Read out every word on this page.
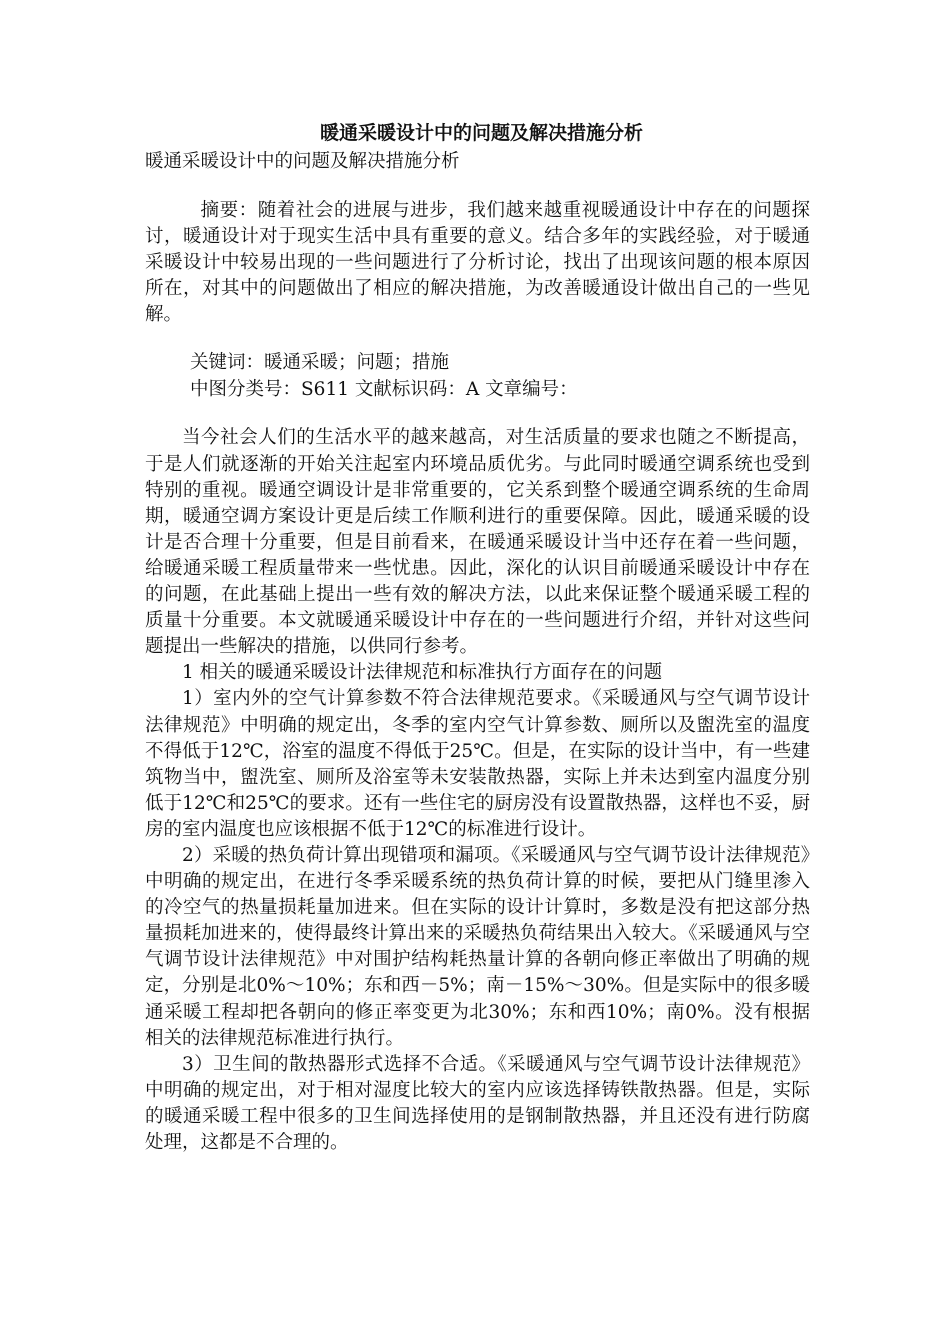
暖通采暖设计中的问题及解决措施分析

暖通采暖设计中的问题及解决措施分析

摘要：随着社会的进展与进步，我们越来越重视暖通设计中存在的问题探讨，暖通设计对于现实生活中具有重要的意义。结合多年的实践经验，对于暖通采暖设计中较易出现的一些问题进行了分析讨论，找出了出现该问题的根本原因所在，对其中的问题做出了相应的解决措施，为改善暖通设计做出自己的一些见解。

关键词：暖通采暖；问题；措施

中图分类号：S611 文献标识码：A 文章编号：

当今社会人们的生活水平的越来越高，对生活质量的要求也随之不断提高，于是人们就逐渐的开始关注起室内环境品质优劣。与此同时暖通空调系统也受到特别的重视。暖通空调设计是非常重要的，它关系到整个暖通空调系统的生命周期，暖通空调方案设计更是后续工作顺利进行的重要保障。因此，暖通采暖的设计是否合理十分重要，但是目前看来，在暖通采暖设计当中还存在着一些问题，给暖通采暖工程质量带来一些忧患。因此，深化的认识目前暖通采暖设计中存在的问题，在此基础上提出一些有效的解决方法，以此来保证整个暖通采暖工程的质量十分重要。本文就暖通采暖设计中存在的一些问题进行介绍，并针对这些问题提出一些解决的措施，以供同行参考。

1 相关的暖通采暖设计法律规范和标准执行方面存在的问题

1）室内外的空气计算参数不符合法律规范要求。《采暖通风与空气调节设计法律规范》中明确的规定出，冬季的室内空气计算参数、厕所以及盥洗室的温度不得低于12℃，浴室的温度不得低于25℃。但是，在实际的设计当中，有一些建筑物当中，盥洗室、厕所及浴室等未安装散热器，实际上并未达到室内温度分别低于12℃和25℃的要求。还有一些住宅的厨房没有设置散热器，这样也不妥，厨房的室内温度也应该根据不低于12℃的标准进行设计。

2）采暖的热负荷计算出现错项和漏项。《采暖通风与空气调节设计法律规范》中明确的规定出，在进行冬季采暖系统的热负荷计算的时候，要把从门缝里渗入的冷空气的热量损耗量加进来。但在实际的设计计算时，多数是没有把这部分热量损耗加进来的，使得最终计算出来的采暖热负荷结果出入较大。《采暖通风与空气调节设计法律规范》中对围护结构耗热量计算的各朝向修正率做出了明确的规定，分别是北0%～10%；东和西－5%；南－15%～30%。但是实际中的很多暖通采暖工程却把各朝向的修正率变更为北30%；东和西10%；南0%。没有根据相关的法律规范标准进行执行。

3）卫生间的散热器形式选择不合适。《采暖通风与空气调节设计法律规范》中明确的规定出，对于相对湿度比较大的室内应该选择铸铁散热器。但是，实际的暖通采暖工程中很多的卫生间选择使用的是钢制散热器，并且还没有进行防腐处理，这都是不合理的。
